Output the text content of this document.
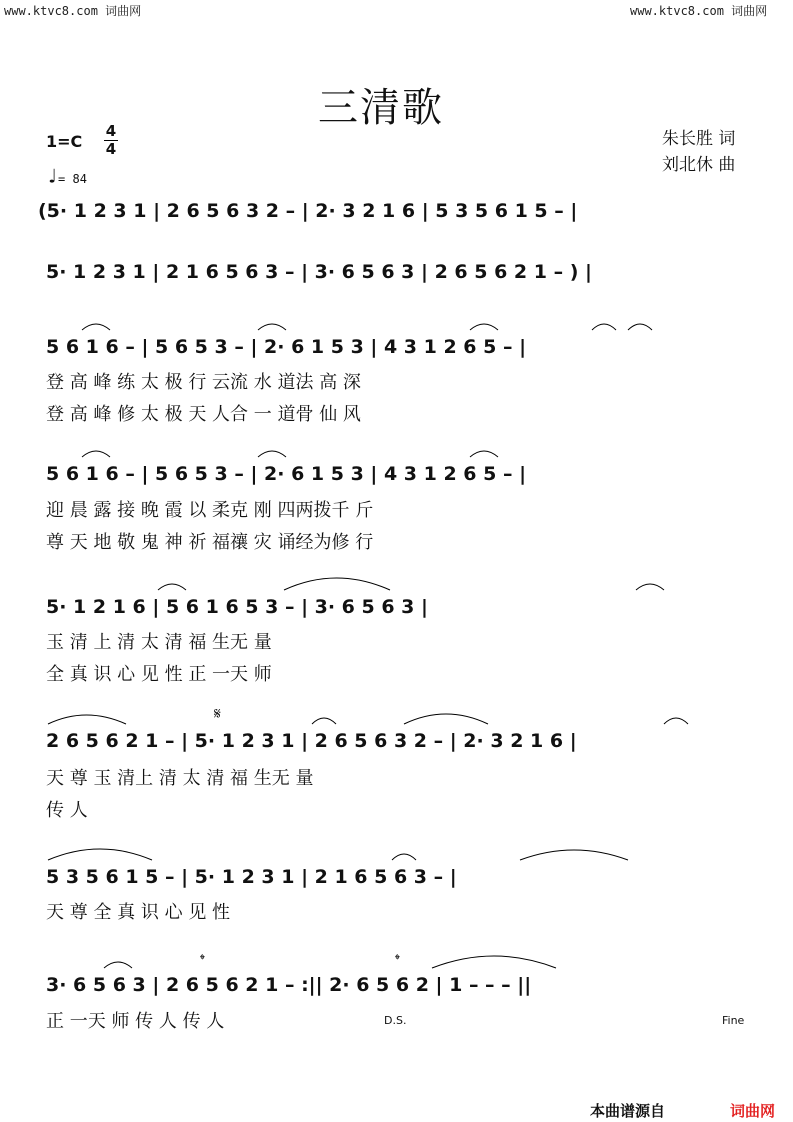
www.ktvc8.com 词曲网	www.ktvc8.com 词曲网
三清歌
朱长胜 词
刘北休 曲
1=C
4
4
♩= 84
(5· 1 2 3 1 | 2 6 5 6 3 2 – | 2· 3 2 1 6 | 5 3 5 6 1 5 – |
5· 1 2 3 1 | 2 1 6 5 6 3 – | 3· 6 5 6 3 | 2 6 5 6 2 1 – ) |
5 6 1 6 – | 5 6 5 3 – | 2· 6 1 5 3 | 4 3 1 2 6 5 – |
登 高 峰 练 太 极 行 云流 水 道法 高 深
登 高 峰 修 太 极 天 人合 一 道骨 仙 风
5 6 1 6 – | 5 6 5 3 – | 2· 6 1 5 3 | 4 3 1 2 6 5 – |
迎 晨 露 接 晚 霞 以 柔克 刚 四两拨千 斤
尊 天 地 敬 鬼 神 祈 福禳 灾 诵经为修 行
5· 1 2 1 6 | 5 6 1 6 5 3 – | 3· 6 5 6 3 |
玉 清 上 清 太 清 福 生无 量
全 真 识 心 见 性 正 一天 师
𝄋
2 6 5 6 2 1 – | 5· 1 2 3 1 | 2 6 5 6 3 2 – | 2· 3 2 1 6 |
天 尊 玉 清上 清 太 清 福 生无 量
传 人
5 3 5 6 1 5 – | 5· 1 2 3 1 | 2 1 6 5 6 3 – |
天 尊 全 真 识 心 见 性
𝄌	𝄌
3· 6 5 6 3 | 2 6 5 6 2 1 – :|| 2· 6 5 6 2 | 1 – – – ||
正 一天 师 传 人 传 人	D.S.	Fine
本曲谱源自	词曲网
